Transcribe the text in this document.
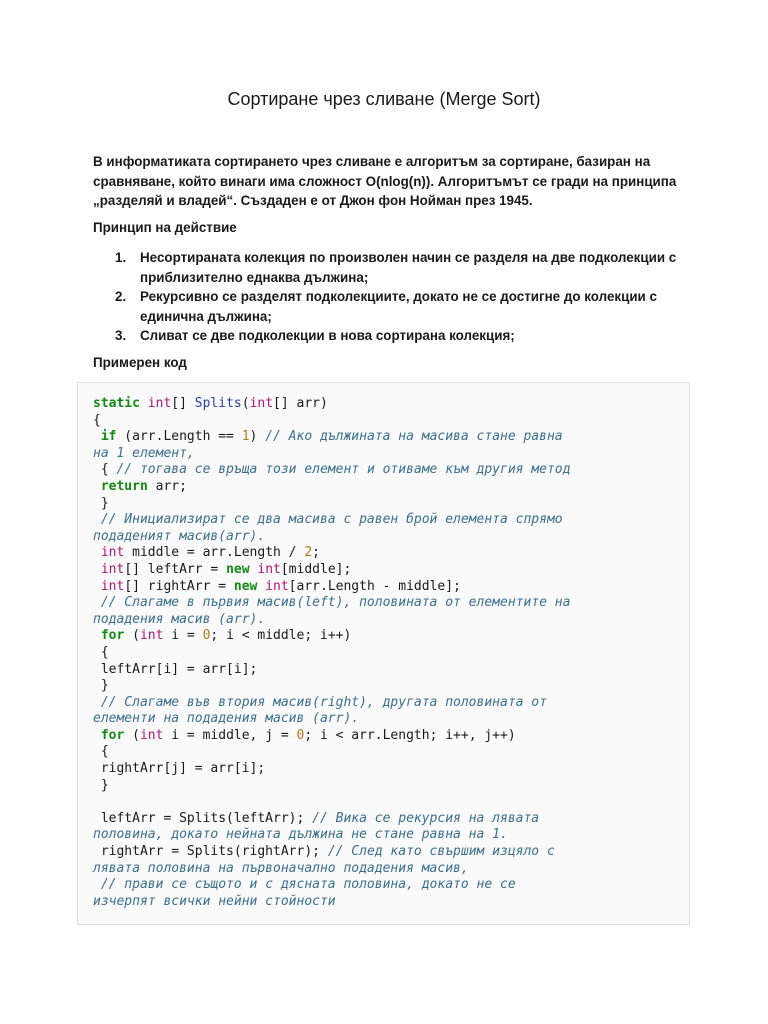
Сортиране чрез сливане (Merge Sort)
В информатиката сортирането чрез сливане е алгоритъм за сортиране, базиран на
сравняване, който винаги има сложност O(nlog(n)). Алгоритъмът се гради на принципа
„разделяй и владей“. Създаден е от Джон фон Нойман през 1945.
Принцип на действие
1. Несортираната колекция по произволен начин се разделя на две подколекции с
приблизително еднаква дължина;
2. Рекурсивно се разделят подколекциите, докато не се достигне до колекции с
единична дължина;
3. Сливат се две подколекции в нова сортирана колекция;
Примерен код
static int[] Splits(int[] arr)
{
if (arr.Length == 1) // Ако дължината на масива стане равна
на 1 елемент,
{ // тогава се връща този елемент и отиваме към другия метод
return arr;
}
// Инициализират се два масива с равен брой елемента спрямо
подаденият масив(arr).
int middle = arr.Length / 2;
int[] leftArr = new int[middle];
int[] rightArr = new int[arr.Length - middle];
// Слагаме в първия масив(left), половината от елементите на
подадения масив (arr).
for (int i = 0; i < middle; i++)
{
leftArr[i] = arr[i];
}
// Слагаме във втория масив(right), другата половината от
елементи на подадения масив (arr).
for (int i = middle, j = 0; i < arr.Length; i++, j++)
{
rightArr[j] = arr[i];
}
leftArr = Splits(leftArr); // Вика се рекурсия на лявата
половина, докато нейната дължина не стане равна на 1.
rightArr = Splits(rightArr); // След като свършим изцяло с
лявата половина на първоначално подадения масив,
// прави се същото и с дясната половина, докато не се
изчерпят всички нейни стойности
